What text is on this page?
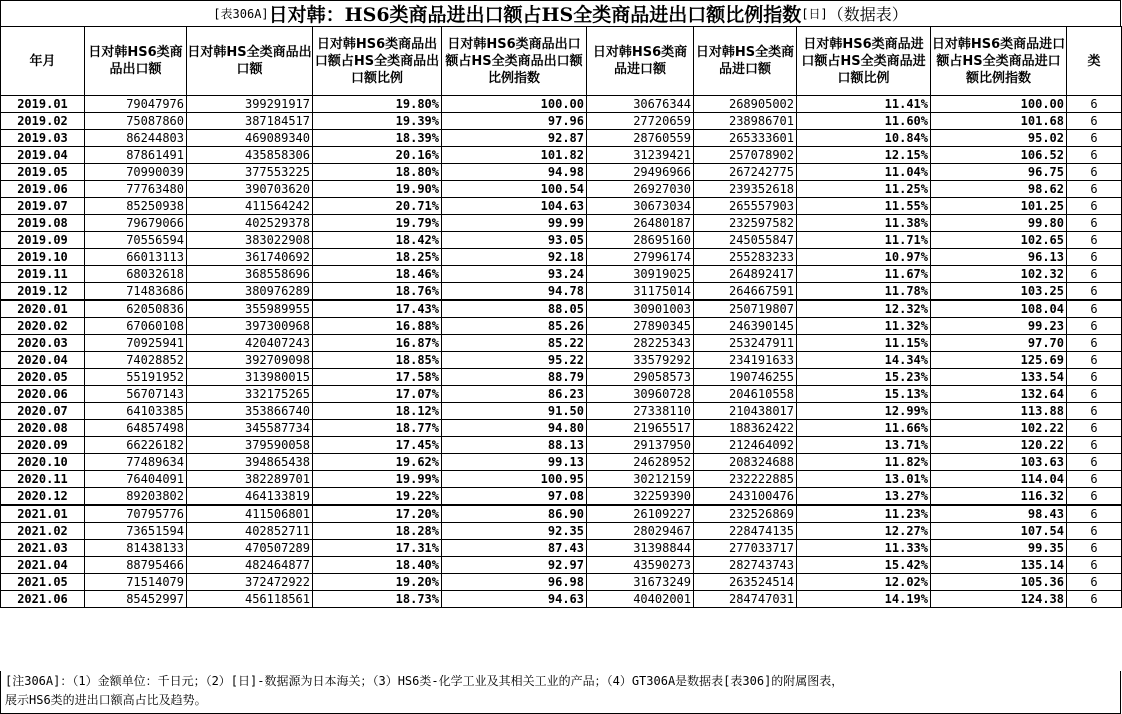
[表306A] 日对韩：HS6类商品进出口额占HS全类商品进出口额比例指数 [日] （数据表）
年月	日对韩HS6类商品出口额	日对韩HS全类商品出口额	日对韩HS6类商品出口额占HS全类商品出口额比例	日对韩HS6类商品出口额占HS全类商品出口额比例指数	日对韩HS6类商品进口额	日对韩HS全类商品进口额	日对韩HS6类商品进口额占HS全类商品进口额比例	日对韩HS6类商品进口额占HS全类商品进口额比例指数	类
2019.01	79047976	399291917	19.80%	100.00	30676344	268905002	11.41%	100.00	6
2019.02	75087860	387184517	19.39%	97.96	27720659	238986701	11.60%	101.68	6
2019.03	86244803	469089340	18.39%	92.87	28760559	265333601	10.84%	95.02	6
2019.04	87861491	435858306	20.16%	101.82	31239421	257078902	12.15%	106.52	6
2019.05	70990039	377553225	18.80%	94.98	29496966	267242775	11.04%	96.75	6
2019.06	77763480	390703620	19.90%	100.54	26927030	239352618	11.25%	98.62	6
2019.07	85250938	411564242	20.71%	104.63	30673034	265557903	11.55%	101.25	6
2019.08	79679066	402529378	19.79%	99.99	26480187	232597582	11.38%	99.80	6
2019.09	70556594	383022908	18.42%	93.05	28695160	245055847	11.71%	102.65	6
2019.10	66013113	361740692	18.25%	92.18	27996174	255283233	10.97%	96.13	6
2019.11	68032618	368558696	18.46%	93.24	30919025	264892417	11.67%	102.32	6
2019.12	71483686	380976289	18.76%	94.78	31175014	264667591	11.78%	103.25	6
2020.01	62050836	355989955	17.43%	88.05	30901003	250719807	12.32%	108.04	6
2020.02	67060108	397300968	16.88%	85.26	27890345	246390145	11.32%	99.23	6
2020.03	70925941	420407243	16.87%	85.22	28225343	253247911	11.15%	97.70	6
2020.04	74028852	392709098	18.85%	95.22	33579292	234191633	14.34%	125.69	6
2020.05	55191952	313980015	17.58%	88.79	29058573	190746255	15.23%	133.54	6
2020.06	56707143	332175265	17.07%	86.23	30960728	204610558	15.13%	132.64	6
2020.07	64103385	353866740	18.12%	91.50	27338110	210438017	12.99%	113.88	6
2020.08	64857498	345587734	18.77%	94.80	21965517	188362422	11.66%	102.22	6
2020.09	66226182	379590058	17.45%	88.13	29137950	212464092	13.71%	120.22	6
2020.10	77489634	394865438	19.62%	99.13	24628952	208324688	11.82%	103.63	6
2020.11	76404091	382289701	19.99%	100.95	30212159	232222885	13.01%	114.04	6
2020.12	89203802	464133819	19.22%	97.08	32259390	243100476	13.27%	116.32	6
2021.01	70795776	411506801	17.20%	86.90	26109227	232526869	11.23%	98.43	6
2021.02	73651594	402852711	18.28%	92.35	28029467	228474135	12.27%	107.54	6
2021.03	81438133	470507289	17.31%	87.43	31398844	277033717	11.33%	99.35	6
2021.04	88795466	482464877	18.40%	92.97	43590273	282743743	15.42%	135.14	6
2021.05	71514079	372472922	19.20%	96.98	31673249	263524514	12.02%	105.36	6
2021.06	85452997	456118561	18.73%	94.63	40402001	284747031	14.19%	124.38	6
[注306A]：（1）金额单位：千日元；（2）[日]-数据源为日本海关；（3）HS6类-化学工业及其相关工业的产品；（4）GT306A是数据表[表306]的附属图表，
展示HS6类的进出口额高占比及趋势。
